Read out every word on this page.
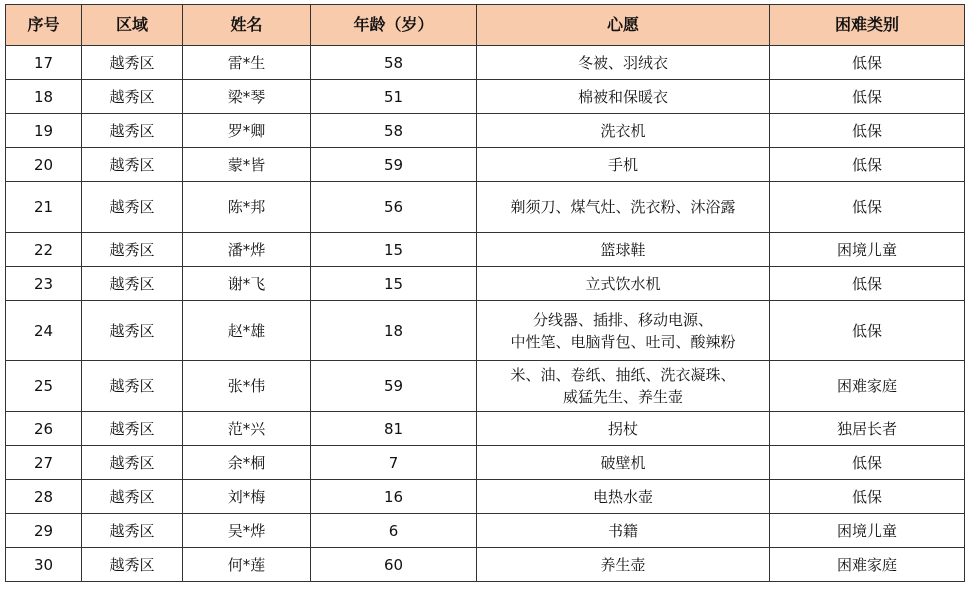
序号	区域	姓名	年龄（岁）	心愿	困难类别
17	越秀区	雷*生	58	冬被、羽绒衣	低保
18	越秀区	梁*琴	51	棉被和保暖衣	低保
19	越秀区	罗*卿	58	洗衣机	低保
20	越秀区	蒙*皆	59	手机	低保
21	越秀区	陈*邦	56	剃须刀、煤气灶、洗衣粉、沐浴露	低保
22	越秀区	潘*烨	15	篮球鞋	困境儿童
23	越秀区	谢*飞	15	立式饮水机	低保
24	越秀区	赵*雄	18	分线器、插排、移动电源、
中性笔、电脑背包、吐司、酸辣粉	低保
25	越秀区	张*伟	59	米、油、卷纸、抽纸、洗衣凝珠、
威猛先生、养生壶	困难家庭
26	越秀区	范*兴	81	拐杖	独居长者
27	越秀区	余*桐	7	破壁机	低保
28	越秀区	刘*梅	16	电热水壶	低保
29	越秀区	吴*烨	6	书籍	困境儿童
30	越秀区	何*莲	60	养生壶	困难家庭
